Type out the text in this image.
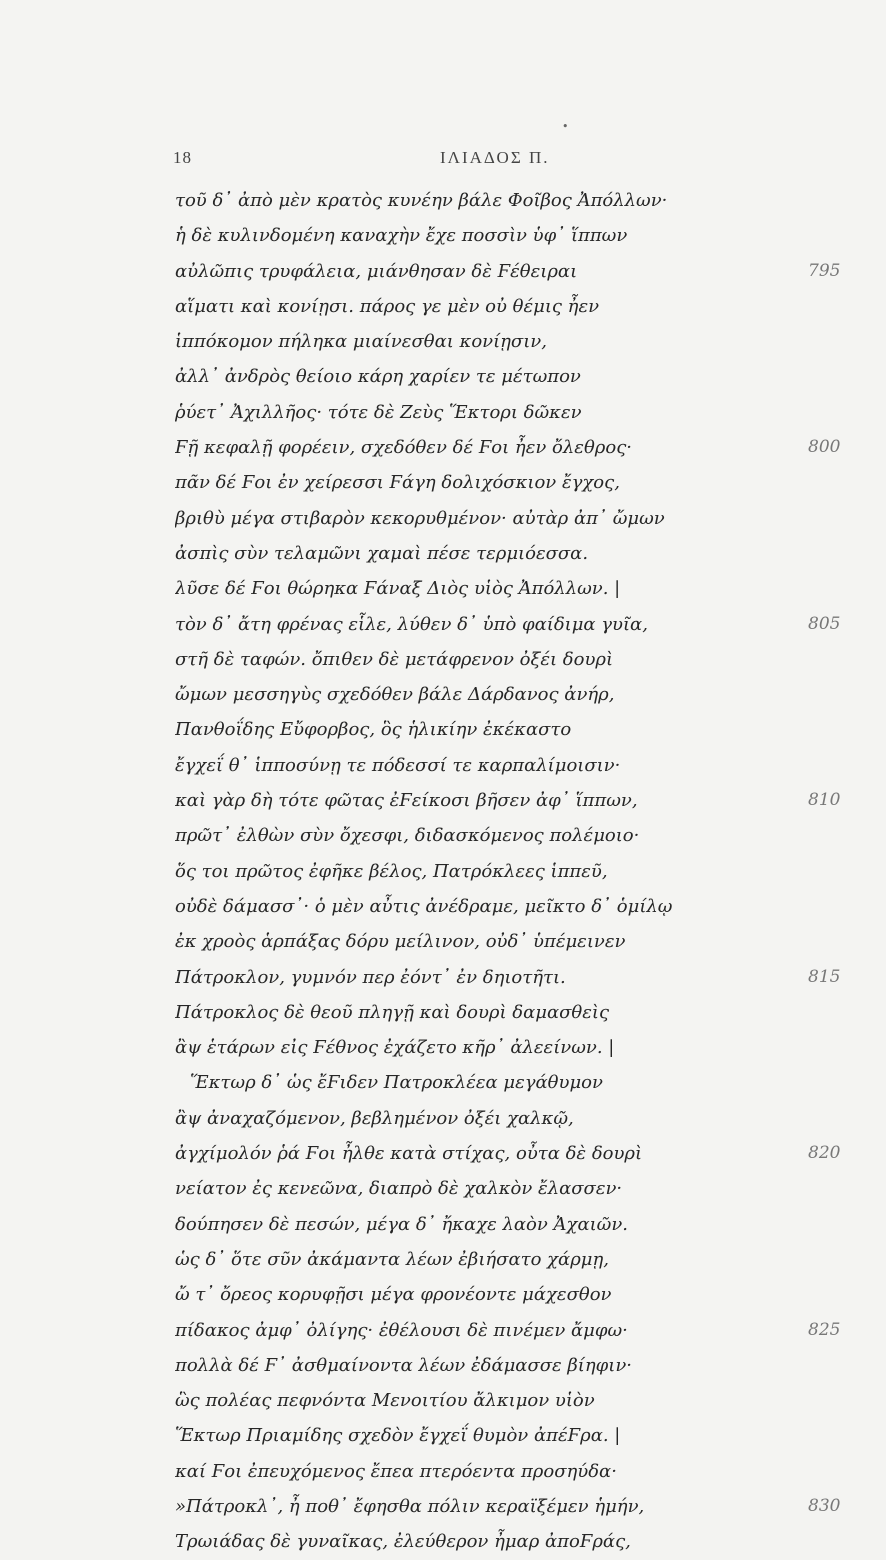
•
18	ΙΛΙΑΔΟΣ Π.
τοῦ δ᾽ ἀπὸ μὲν κρατὸς κυνέην βάλε Φοῖβος Ἀπόλλων·
ἡ δὲ κυλινδομένη καναχὴν ἔχε ποσσὶν ὑφ᾽ ἵππων
αὐλῶπις τρυφάλεια, μιάνθησαν δὲ Ϝέθειραι	795
αἵματι καὶ κονίῃσι. πάρος γε μὲν οὐ θέμις ἦεν
ἱππόκομον πήληκα μιαίνεσθαι κονίῃσιν,
ἀλλ᾽ ἀνδρὸς θείοιο κάρη χαρίεν τε μέτωπον
ῥύετ᾽ Ἀχιλλῆος· τότε δὲ Ζεὺς Ἕκτορι δῶκεν
Ϝῇ κεφαλῇ φορέειν, σχεδόθεν δέ Ϝοι ἦεν ὄλεθρος·	800
πᾶν δέ Ϝοι ἐν χείρεσσι Ϝάγη δολιχόσκιον ἔγχος,
βριθὺ μέγα στιβαρὸν κεκορυθμένον· αὐτὰρ ἀπ᾽ ὤμων
ἀσπὶς σὺν τελαμῶνι χαμαὶ πέσε τερμιόεσσα.
λῦσε δέ Ϝοι θώρηκα Ϝάναξ Διὸς υἱὸς Ἀπόλλων. |
τὸν δ᾽ ἄτη φρένας εἷλε, λύθεν δ᾽ ὑπὸ φαίδιμα γυῖα,	805
στῆ δὲ ταφών. ὄπιθεν δὲ μετάφρενον ὀξέι δουρὶ
ὤμων μεσσηγὺς σχεδόθεν βάλε Δάρδανος ἀνήρ,
Πανθοΐδης Εὔφορβος, ὃς ἡλικίην ἐκέκαστο
ἔγχεΐ θ᾽ ἱπποσύνῃ τε πόδεσσί τε καρπαλίμοισιν·
καὶ γὰρ δὴ τότε φῶτας ἐϜείκοσι βῆσεν ἀφ᾽ ἵππων,	810
πρῶτ᾽ ἐλθὼν σὺν ὄχεσφι, διδασκόμενος πολέμοιο·
ὅς τοι πρῶτος ἐφῆκε βέλος, Πατρόκλεες ἱππεῦ,
οὐδὲ δάμασσ᾽· ὁ μὲν αὖτις ἀνέδραμε, μεῖκτο δ᾽ ὁμίλῳ
ἐκ χροὸς ἁρπάξας δόρυ μείλινον, οὐδ᾽ ὑπέμεινεν
Πάτροκλον, γυμνόν περ ἐόντ᾽ ἐν δηιοτῆτι.	815
Πάτροκλος δὲ θεοῦ πληγῇ καὶ δουρὶ δαμασθεὶς
ἂψ ἑτάρων εἰς Ϝέθνος ἐχάζετο κῆρ᾽ ἀλεείνων. |
Ἕκτωρ δ᾽ ὡς ἔϜιδεν Πατροκλέεα μεγάθυμον
ἂψ ἀναχαζόμενον, βεβλημένον ὀξέι χαλκῷ,
ἀγχίμολόν ῥά Ϝοι ἦλθε κατὰ στίχας, οὖτα δὲ δουρὶ	820
νείατον ἐς κενεῶνα, διαπρὸ δὲ χαλκὸν ἔλασσεν·
δούπησεν δὲ πεσών, μέγα δ᾽ ἤκαχε λαὸν Ἀχαιῶν.
ὡς δ᾽ ὅτε σῦν ἀκάμαντα λέων ἐβιήσατο χάρμῃ,
ὤ τ᾽ ὄρεος κορυφῇσι μέγα φρονέοντε μάχεσθον
πίδακος ἀμφ᾽ ὀλίγης· ἐθέλουσι δὲ πινέμεν ἄμφω·	825
πολλὰ δέ Ϝ᾽ ἀσθμαίνοντα λέων ἐδάμασσε βίηφιν·
ὣς πολέας πεφνόντα Μενοιτίου ἄλκιμον υἱὸν
Ἕκτωρ Πριαμίδης σχεδὸν ἔγχεΐ θυμὸν ἀπέϜρα. |
καί Ϝοι ἐπευχόμενος ἔπεα πτερόεντα προσηύδα·
»Πάτροκλ᾽, ἦ ποθ᾽ ἔφησθα πόλιν κεραϊξέμεν ἡμήν,	830
Τρωιάδας δὲ γυναῖκας, ἐλεύθερον ἦμαρ ἀποϜράς,
